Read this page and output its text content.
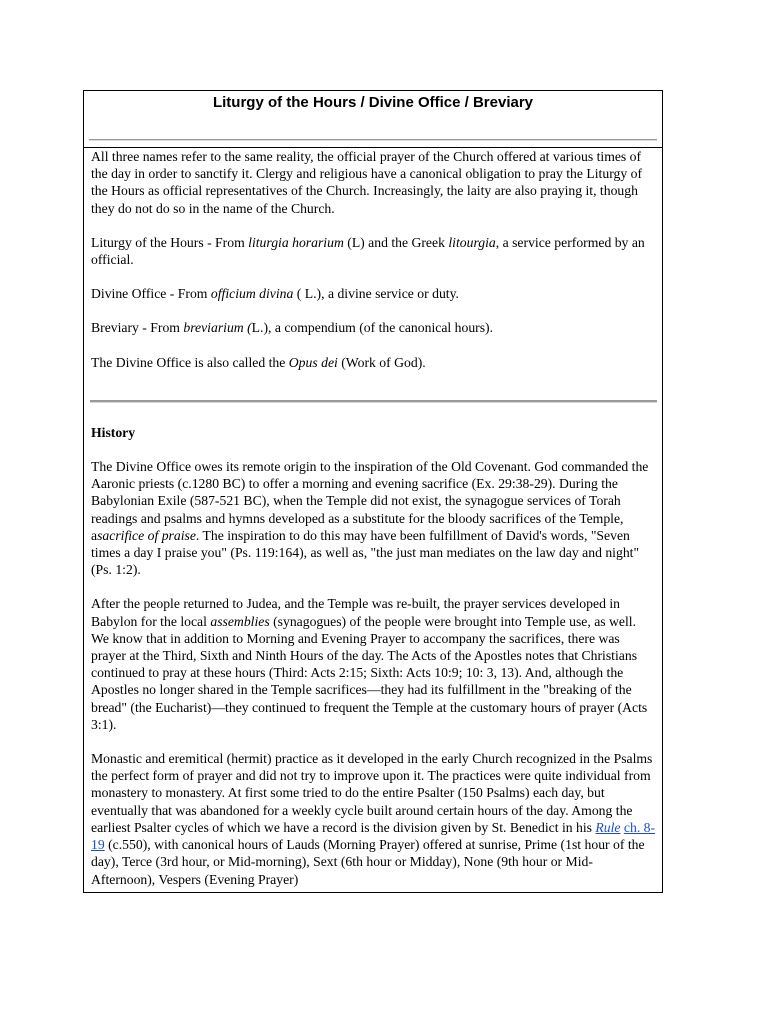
Liturgy of the Hours / Divine Office / Breviary

All three names refer to the same reality, the official prayer of the Church offered at various times of the day in order to sanctify it. Clergy and religious have a canonical obligation to pray the Liturgy of the Hours as official representatives of the Church. Increasingly, the laity are also praying it, though they do not do so in the name of the Church.

Liturgy of the Hours - From liturgia horarium (L) and the Greek litourgia, a service performed by an official.

Divine Office - From officium divina ( L.), a divine service or duty.

Breviary - From breviarium (L.), a compendium (of the canonical hours).

The Divine Office is also called the Opus dei (Work of God).

History

The Divine Office owes its remote origin to the inspiration of the Old Covenant. God commanded the Aaronic priests (c.1280 BC) to offer a morning and evening sacrifice (Ex. 29:38-29). During the Babylonian Exile (587-521 BC), when the Temple did not exist, the synagogue services of Torah readings and psalms and hymns developed as a substitute for the bloody sacrifices of the Temple, asacrifice of praise. The inspiration to do this may have been fulfillment of David's words, "Seven times a day I praise you" (Ps. 119:164), as well as, "the just man mediates on the law day and night" (Ps. 1:2).

After the people returned to Judea, and the Temple was re-built, the prayer services developed in Babylon for the local assemblies (synagogues) of the people were brought into Temple use, as well. We know that in addition to Morning and Evening Prayer to accompany the sacrifices, there was prayer at the Third, Sixth and Ninth Hours of the day. The Acts of the Apostles notes that Christians continued to pray at these hours (Third: Acts 2:15; Sixth: Acts 10:9; 10: 3, 13). And, although the Apostles no longer shared in the Temple sacrifices—they had its fulfillment in the "breaking of the bread" (the Eucharist)—they continued to frequent the Temple at the customary hours of prayer (Acts 3:1).

Monastic and eremitical (hermit) practice as it developed in the early Church recognized in the Psalms the perfect form of prayer and did not try to improve upon it. The practices were quite individual from monastery to monastery. At first some tried to do the entire Psalter (150 Psalms) each day, but eventually that was abandoned for a weekly cycle built around certain hours of the day. Among the earliest Psalter cycles of which we have a record is the division given by St. Benedict in his Rule ch. 8-19 (c.550), with canonical hours of Lauds (Morning Prayer) offered at sunrise, Prime (1st hour of the day), Terce (3rd hour, or Mid-morning), Sext (6th hour or Midday), None (9th hour or Mid-Afternoon), Vespers (Evening Prayer)
